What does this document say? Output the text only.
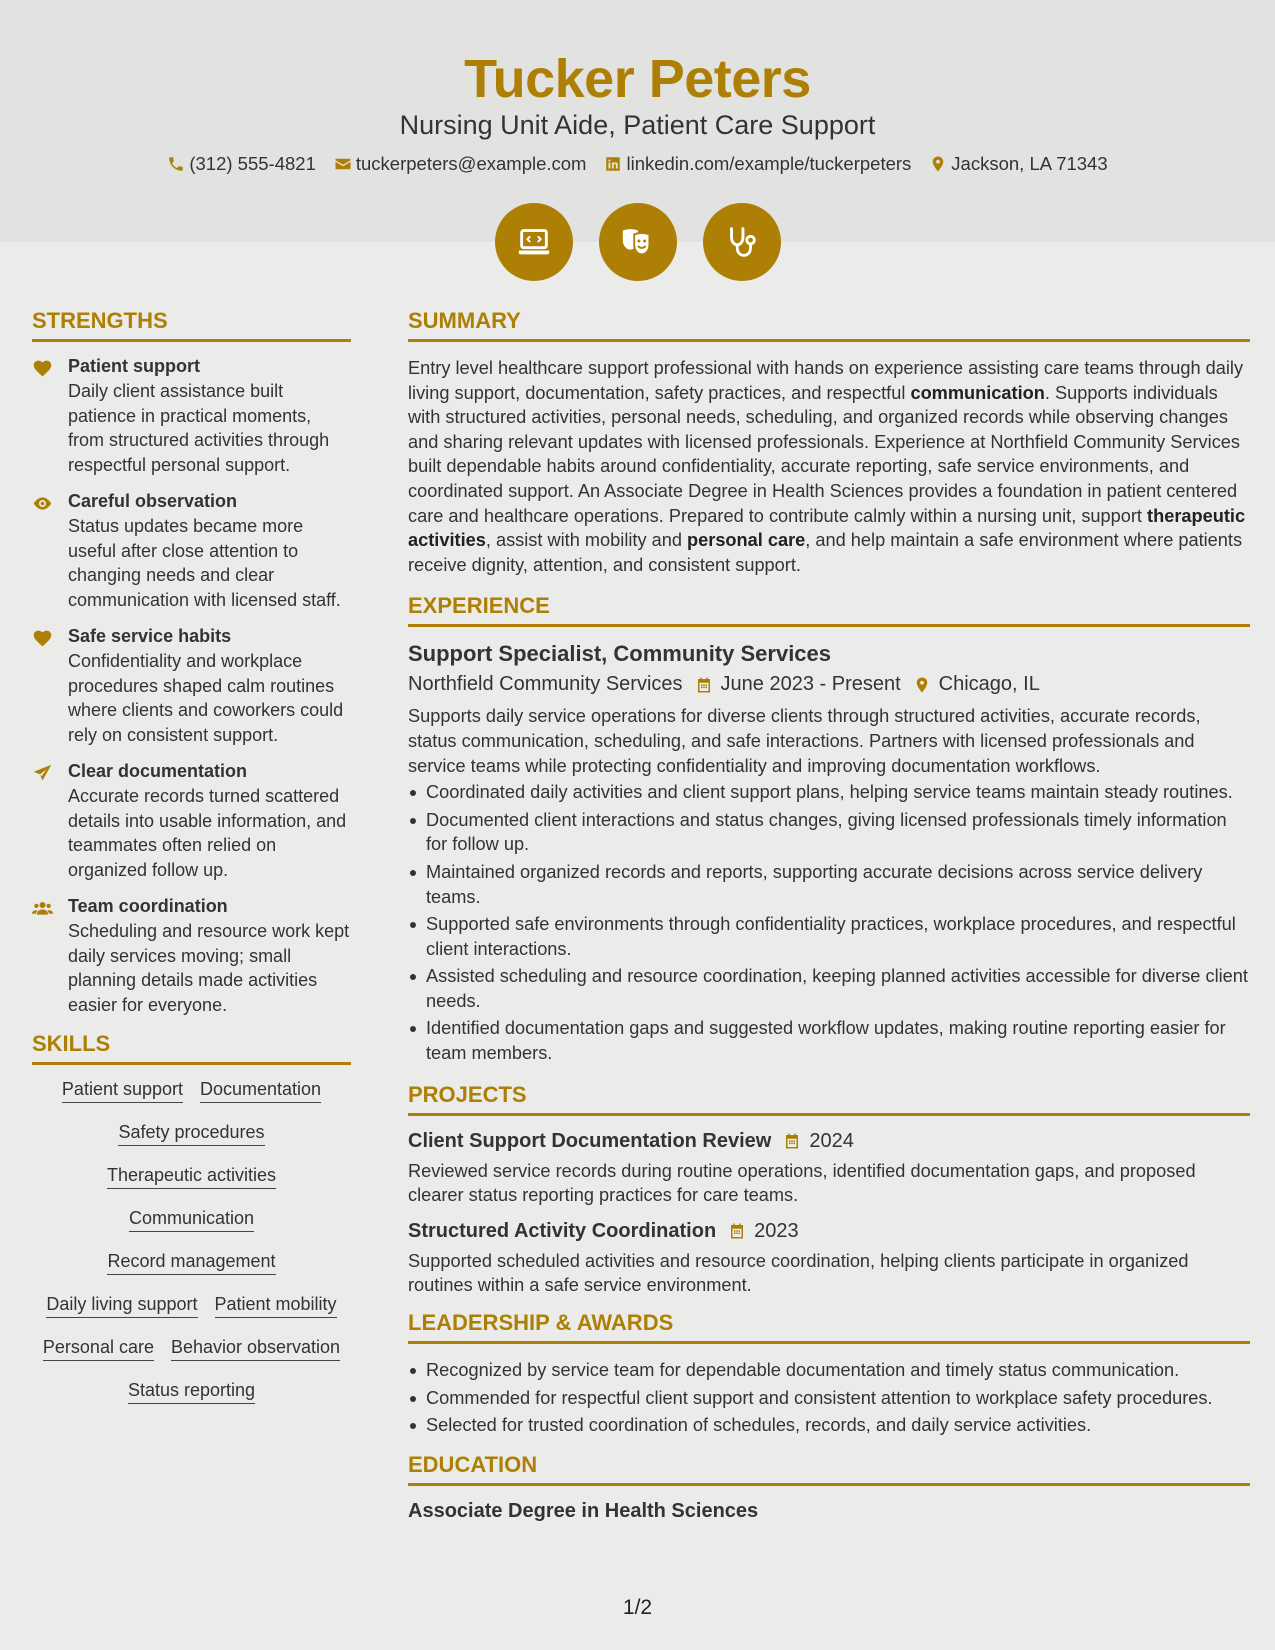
Tucker Peters
Nursing Unit Aide, Patient Care Support
(312) 555-4821 tuckerpeters@example.com linkedin.com/example/tuckerpeters Jackson, LA 71343
STRENGTHS
Patient support
Daily client assistance built patience in practical moments, from structured activities through respectful personal support.
Careful observation
Status updates became more useful after close attention to changing needs and clear communication with licensed staff.
Safe service habits
Confidentiality and workplace procedures shaped calm routines where clients and coworkers could rely on consistent support.
Clear documentation
Accurate records turned scattered details into usable information, and teammates often relied on organized follow up.
Team coordination
Scheduling and resource work kept daily services moving; small planning details made activities easier for everyone.
SKILLS
Patient support Documentation
Safety procedures
Therapeutic activities
Communication
Record management
Daily living support Patient mobility
Personal care Behavior observation
Status reporting
SUMMARY
Entry level healthcare support professional with hands on experience assisting care teams through daily living support, documentation, safety practices, and respectful communication. Supports individuals with structured activities, personal needs, scheduling, and organized records while observing changes and sharing relevant updates with licensed professionals. Experience at Northfield Community Services built dependable habits around confidentiality, accurate reporting, safe service environments, and coordinated support. An Associate Degree in Health Sciences provides a foundation in patient centered care and healthcare operations. Prepared to contribute calmly within a nursing unit, support therapeutic activities, assist with mobility and personal care, and help maintain a safe environment where patients receive dignity, attention, and consistent support.
EXPERIENCE
Support Specialist, Community Services
Northfield Community Services June 2023 - Present Chicago, IL
Supports daily service operations for diverse clients through structured activities, accurate records, status communication, scheduling, and safe interactions. Partners with licensed professionals and service teams while protecting confidentiality and improving documentation workflows.
Coordinated daily activities and client support plans, helping service teams maintain steady routines.
Documented client interactions and status changes, giving licensed professionals timely information for follow up.
Maintained organized records and reports, supporting accurate decisions across service delivery teams.
Supported safe environments through confidentiality practices, workplace procedures, and respectful client interactions.
Assisted scheduling and resource coordination, keeping planned activities accessible for diverse client needs.
Identified documentation gaps and suggested workflow updates, making routine reporting easier for team members.
PROJECTS
Client Support Documentation Review 2024
Reviewed service records during routine operations, identified documentation gaps, and proposed clearer status reporting practices for care teams.
Structured Activity Coordination 2023
Supported scheduled activities and resource coordination, helping clients participate in organized routines within a safe service environment.
LEADERSHIP & AWARDS
Recognized by service team for dependable documentation and timely status communication.
Commended for respectful client support and consistent attention to workplace safety procedures.
Selected for trusted coordination of schedules, records, and daily service activities.
EDUCATION
Associate Degree in Health Sciences
1/2
